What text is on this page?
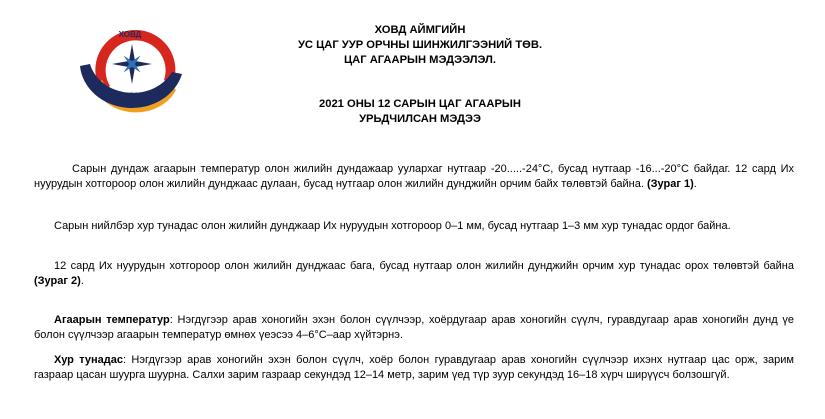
ХОВД
УЦУОШТ
ХОВД АЙМГИЙН
УС ЦАГ УУР ОРЧНЫ ШИНЖИЛГЭЭНИЙ ТӨВ.
ЦАГ АГААРЫН МЭДЭЭЛЭЛ.
2021 ОНЫ 12 САРЫН ЦАГ АГААРЫН
УРЬДЧИЛСАН МЭДЭЭ
Сарын дундаж агаарын температур олон жилийн дундажаар уулархаг нутгаар -20.....-24°С, бусад нутгаар -16...-20°С байдаг. 12 сард Их нуурудын хотгороор олон жилийн дунджаас дулаан, бусад нутгаар олон жилийн дунджийн орчим байх төлөвтэй байна. (Зураг 1).
Сарын нийлбэр хур тунадас олон жилийн дунджаар Их нуруудын хотгороор 0–1 мм, бусад нутгаар 1–3 мм хур тунадас ордог байна.
12 сард Их нуурудын хотгороор олон жилийн дунджаас бага, бусад нутгаар олон жилийн дунджийн орчим хур тунадас орох төлөвтэй байна (Зураг 2).
Агаарын температур: Нэгдүгээр арав хоногийн эхэн болон сүүлчээр, хоёрдугаар арав хоногийн сүүлч, гуравдугаар арав хоногийн дунд үе болон сүүлчээр агаарын температур өмнөх үеэсээ 4–6°С–аар хүйтэрнэ.
Хур тунадас: Нэгдүгээр арав хоногийн эхэн болон сүүлч, хоёр болон гуравдугаар арав хоногийн сүүлчээр ихэнх нутгаар цас орж, зарим газраар цасан шуурга шуурна. Салхи зарим газраар секундэд 12–14 метр, зарим үед түр зуур секундэд 16–18 хүрч ширүүсч болзошгүй.
